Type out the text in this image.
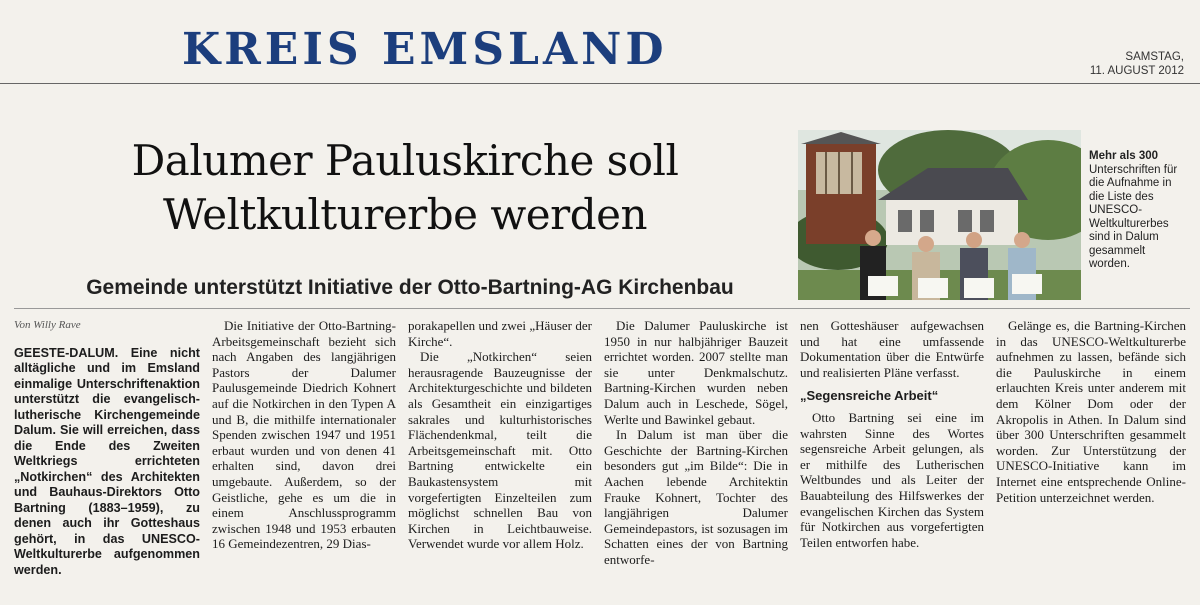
KREIS EMSLAND	SAMSTAG,
11. AUGUST 2012
Dalumer Pauluskirche soll
Weltkulturerbe werden
Gemeinde unterstützt Initiative der Otto-Bartning-AG Kirchenbau
Mehr als 300 Unterschriften für die Aufnahme in die Liste des UNESCO-Weltkulturerbes sind in Dalum gesammelt worden.
Von Willy Rave

GEESTE-DALUM. Eine nicht alltägliche und im Emsland einmalige Unterschriftenaktion unterstützt die evangelisch-lutherische Kirchengemeinde Dalum. Sie will erreichen, dass die Ende des Zweiten Weltkriegs errichteten „Notkirchen“ des Architekten und Bauhaus-Direktors Otto Bartning (1883–1959), zu denen auch ihr Gotteshaus gehört, in das UNESCO-Weltkulturerbe aufgenommen werden.

Die Initiative der Otto-Bartning-Arbeitsgemeinschaft bezieht sich nach Angaben des langjährigen Pastors der Dalumer Paulusgemeinde Diedrich Kohnert auf die Notkirchen in den Typen A und B, die mithilfe internationaler Spenden zwischen 1947 und 1951 erbaut wurden und von denen 41 erhalten sind, davon drei umgebaute. Außerdem, so der Geistliche, gehe es um die in einem Anschlussprogramm zwischen 1948 und 1953 erbauten 16 Gemeindezentren, 29 Dias-

porakapellen und zwei „Häuser der Kirche“.

Die „Notkirchen“ seien herausragende Bauzeugnisse der Architekturgeschichte und bildeten als Gesamtheit ein einzigartiges sakrales und kulturhistorisches Flächendenkmal, teilt die Arbeitsgemeinschaft mit. Otto Bartning entwickelte ein Baukastensystem mit vorgefertigten Einzelteilen zum möglichst schnellen Bau von Kirchen in Leichtbauweise. Verwendet wurde vor allem Holz.

Die Dalumer Pauluskirche ist 1950 in nur halbjähriger Bauzeit errichtet worden. 2007 stellte man sie unter Denkmalschutz. Bartning-Kirchen wurden neben Dalum auch in Leschede, Sögel, Werlte und Bawinkel gebaut.

In Dalum ist man über die Geschichte der Bartning-Kirchen besonders gut „im Bilde“: Die in Aachen lebende Architektin Frauke Kohnert, Tochter des langjährigen Dalumer Gemeindepastors, ist sozusagen im Schatten eines der von Bartning entworfe-

nen Gotteshäuser aufgewachsen und hat eine umfassende Dokumentation über die Entwürfe und realisierten Pläne verfasst.

„Segensreiche Arbeit“

Otto Bartning sei eine im wahrsten Sinne des Wortes segensreiche Arbeit gelungen, als er mithilfe des Lutherischen Weltbundes und als Leiter der Bauabteilung des Hilfswerkes der evangelischen Kirchen das System für Notkirchen aus vorgefertigten Teilen entworfen habe.

Gelänge es, die Bartning-Kirchen in das UNESCO-Weltkulturerbe aufnehmen zu lassen, befände sich die Pauluskirche in einem erlauchten Kreis unter anderem mit dem Kölner Dom oder der Akropolis in Athen. In Dalum sind über 300 Unterschriften gesammelt worden. Zur Unterstützung der UNESCO-Initiative kann im Internet eine entsprechende Online-Petition unterzeichnet werden.
